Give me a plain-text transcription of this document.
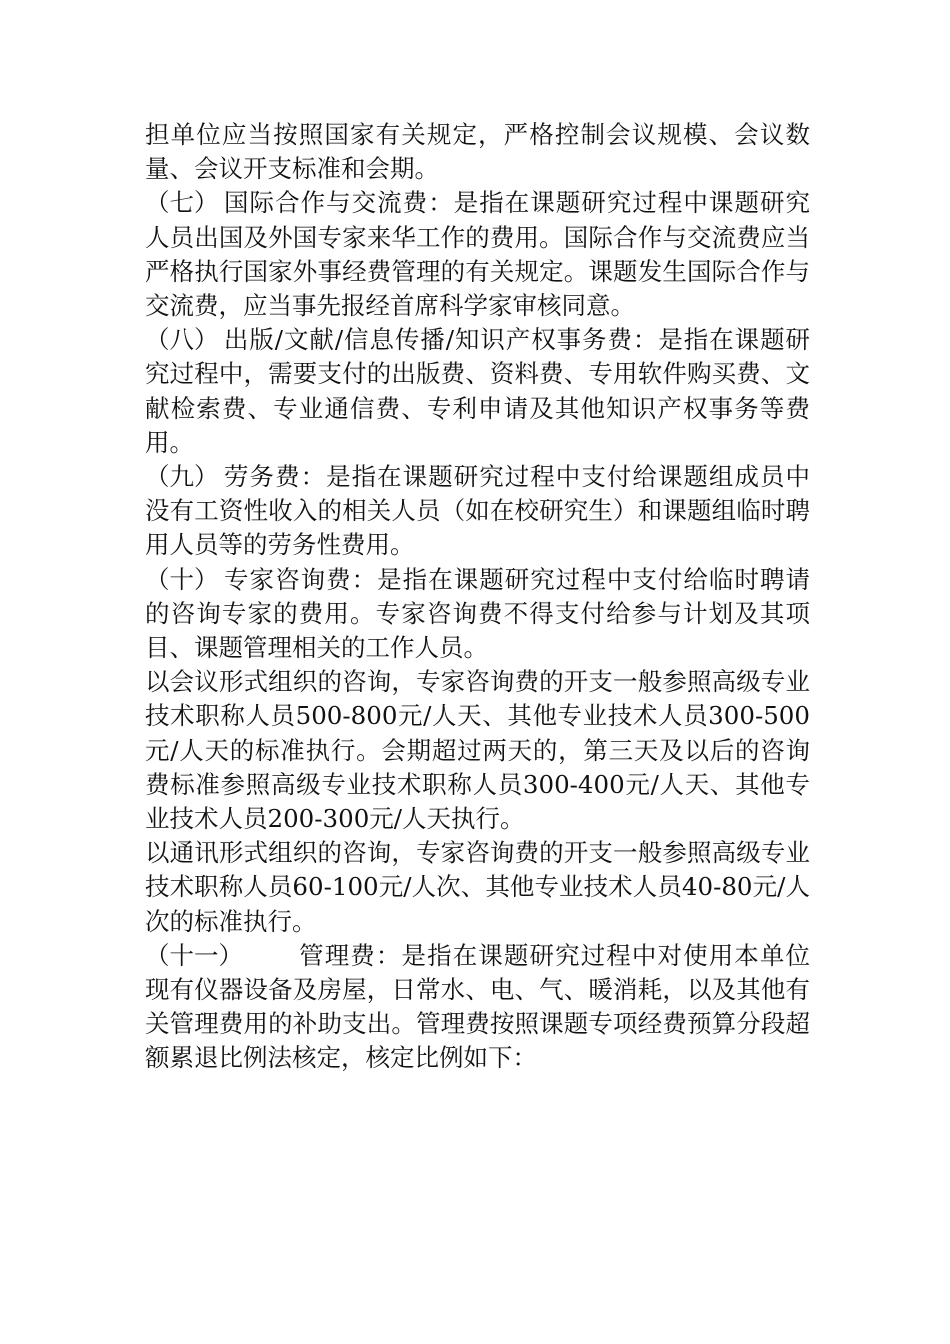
担单位应当按照国家有关规定，严格控制会议规模、会议数量、会议开支标准和会期。

（七） 国际合作与交流费：是指在课题研究过程中课题研究人员出国及外国专家来华工作的费用。国际合作与交流费应当严格执行国家外事经费管理的有关规定。课题发生国际合作与交流费，应当事先报经首席科学家审核同意。

（八） 出版/文献/信息传播/知识产权事务费：是指在课题研究过程中，需要支付的出版费、资料费、专用软件购买费、文献检索费、专业通信费、专利申请及其他知识产权事务等费用。

（九） 劳务费：是指在课题研究过程中支付给课题组成员中没有工资性收入的相关人员（如在校研究生）和课题组临时聘用人员等的劳务性费用。

（十） 专家咨询费：是指在课题研究过程中支付给临时聘请的咨询专家的费用。专家咨询费不得支付给参与计划及其项目、课题管理相关的工作人员。

以会议形式组织的咨询，专家咨询费的开支一般参照高级专业技术职称人员500-800元/人天、其他专业技术人员300-500元/人天的标准执行。会期超过两天的，第三天及以后的咨询费标准参照高级专业技术职称人员300-400元/人天、其他专业技术人员200-300元/人天执行。

以通讯形式组织的咨询，专家咨询费的开支一般参照高级专业技术职称人员60-100元/人次、其他专业技术人员40-80元/人次的标准执行。

（十一） 管理费：是指在课题研究过程中对使用本单位现有仪器设备及房屋，日常水、电、气、暖消耗，以及其他有关管理费用的补助支出。管理费按照课题专项经费预算分段超额累退比例法核定，核定比例如下：
